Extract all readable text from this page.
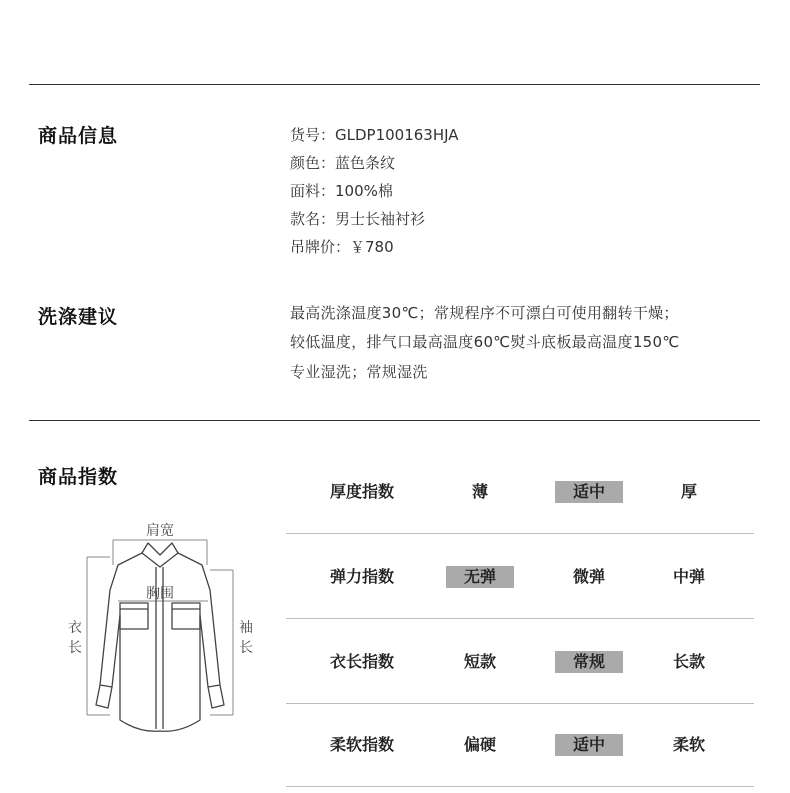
商品信息	货号：GLDP100163HJA
颜色：蓝色条纹
面料：100%棉
款名：男士长袖衬衫
吊牌价：￥780
洗涤建议	最高洗涤温度30℃；常规程序不可漂白可使用翻转干燥；
较低温度，排气口最高温度60℃熨斗底板最高温度150℃
专业湿洗；常规湿洗
商品指数
肩宽
胸围
衣
长
袖
长
厚度指数	薄	适中	厚
弹力指数	无弹	微弹	中弹
衣长指数	短款	常规	长款
柔软指数	偏硬	适中	柔软
